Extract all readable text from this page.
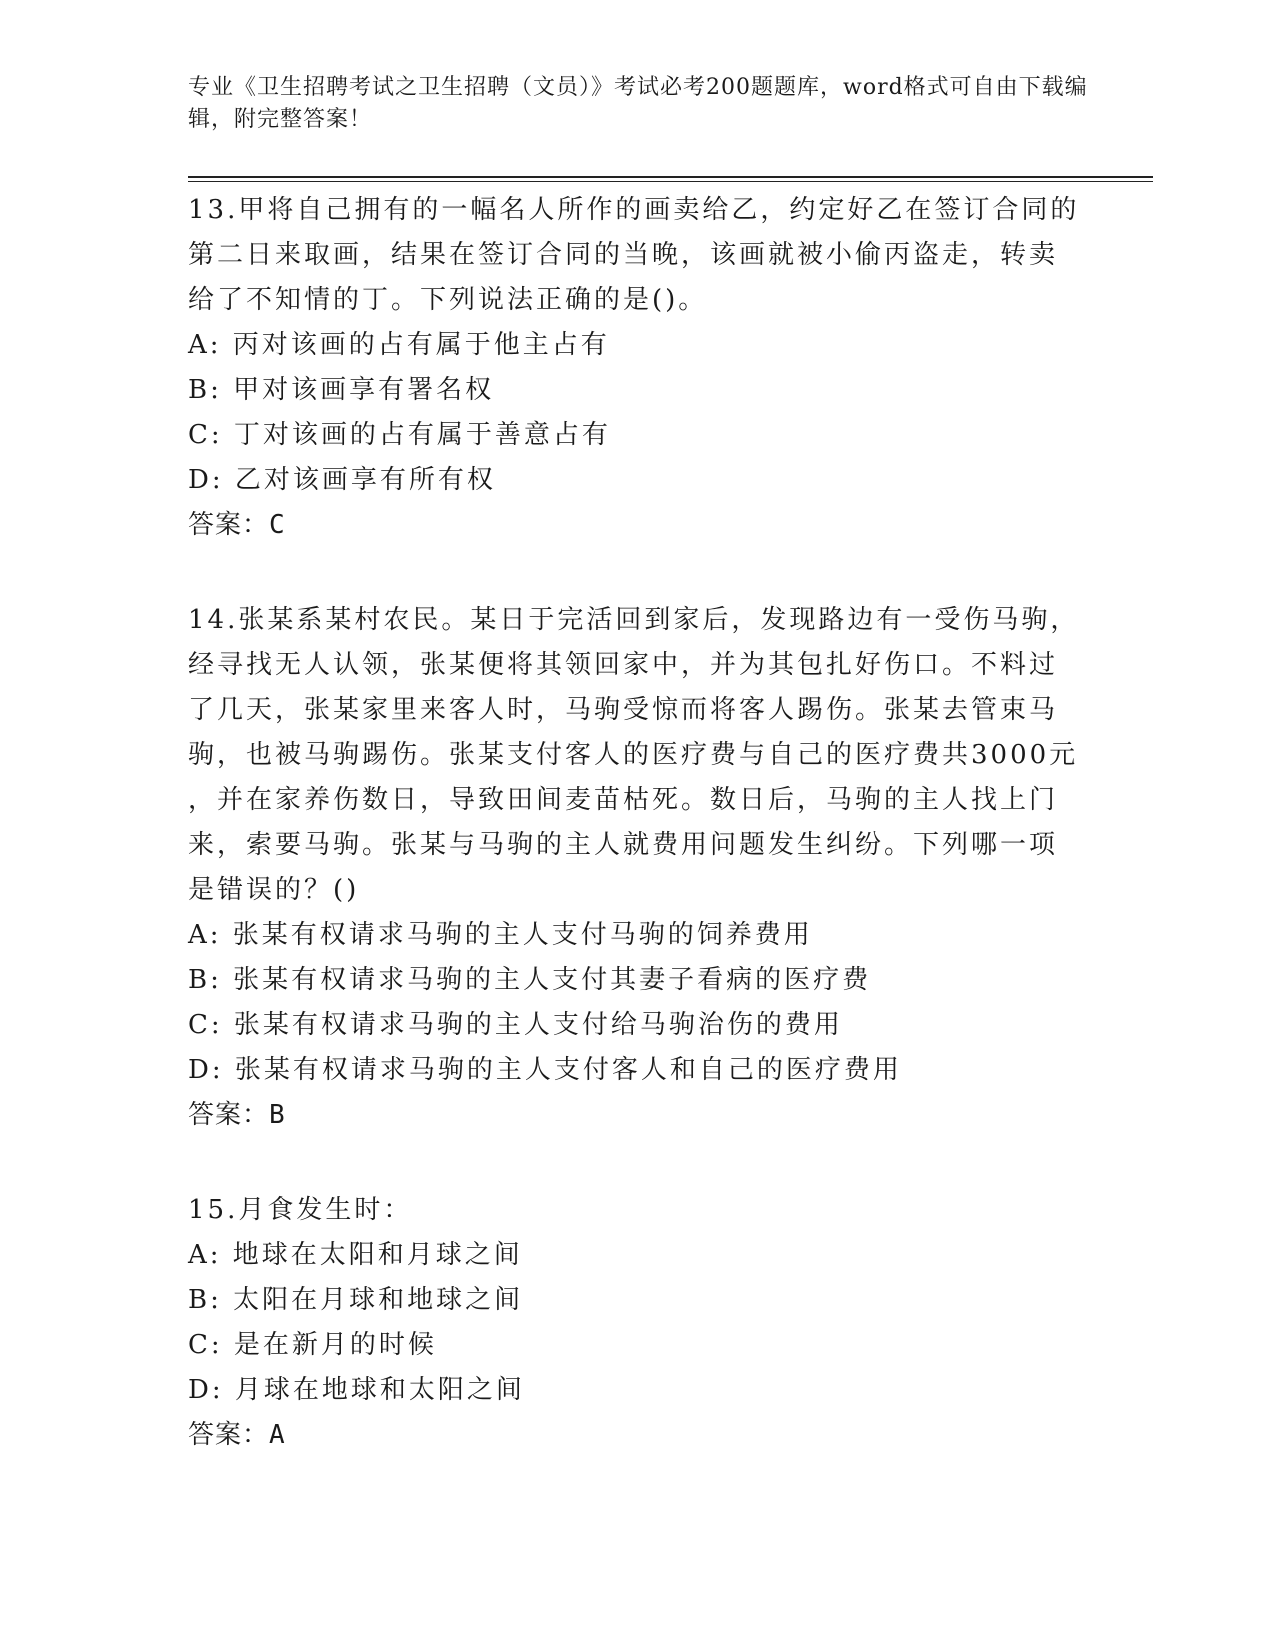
专业《卫生招聘考试之卫生招聘（文员）》考试必考200题题库，word格式可自由下载编辑，附完整答案！

13.甲将自己拥有的一幅名人所作的画卖给乙，约定好乙在签订合同的

第二日来取画，结果在签订合同的当晚，该画就被小偷丙盗走，转卖

给了不知情的丁。下列说法正确的是()。

A: 丙对该画的占有属于他主占有

B: 甲对该画享有署名权

C: 丁对该画的占有属于善意占有

D: 乙对该画享有所有权

答案：C

14.张某系某村农民。某日于完活回到家后，发现路边有一受伤马驹，

经寻找无人认领，张某便将其领回家中，并为其包扎好伤口。不料过

了几天，张某家里来客人时，马驹受惊而将客人踢伤。张某去管束马

驹，也被马驹踢伤。张某支付客人的医疗费与自己的医疗费共3000元

，并在家养伤数日，导致田间麦苗枯死。数日后，马驹的主人找上门

来，索要马驹。张某与马驹的主人就费用问题发生纠纷。下列哪一项

是错误的？()

A: 张某有权请求马驹的主人支付马驹的饲养费用

B: 张某有权请求马驹的主人支付其妻子看病的医疗费

C: 张某有权请求马驹的主人支付给马驹治伤的费用

D: 张某有权请求马驹的主人支付客人和自己的医疗费用

答案：B

15.月食发生时：

A: 地球在太阳和月球之间

B: 太阳在月球和地球之间

C: 是在新月的时候

D: 月球在地球和太阳之间

答案：A
